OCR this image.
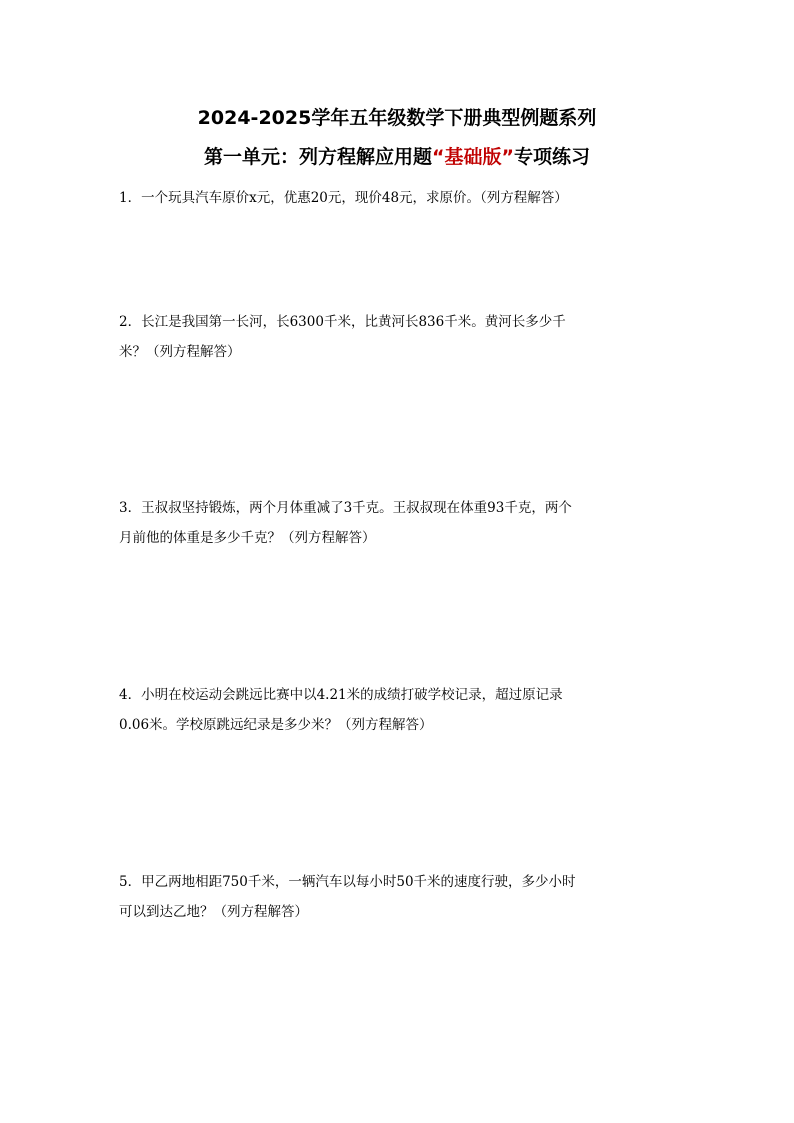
2024-2025学年五年级数学下册典型例题系列
第一单元：列方程解应用题“基础版”专项练习
1．一个玩具汽车原价x元，优惠20元，现价48元，求原价。（列方程解答）
2．长江是我国第一长河，长6300千米，比黄河长836千米。黄河长多少千
米？（列方程解答）
3．王叔叔坚持锻炼，两个月体重减了3千克。王叔叔现在体重93千克，两个
月前他的体重是多少千克？（列方程解答）
4．小明在校运动会跳远比赛中以4.21米的成绩打破学校记录，超过原记录
0.06米。学校原跳远纪录是多少米？（列方程解答）
5．甲乙两地相距750千米，一辆汽车以每小时50千米的速度行驶，多少小时
可以到达乙地？（列方程解答）
